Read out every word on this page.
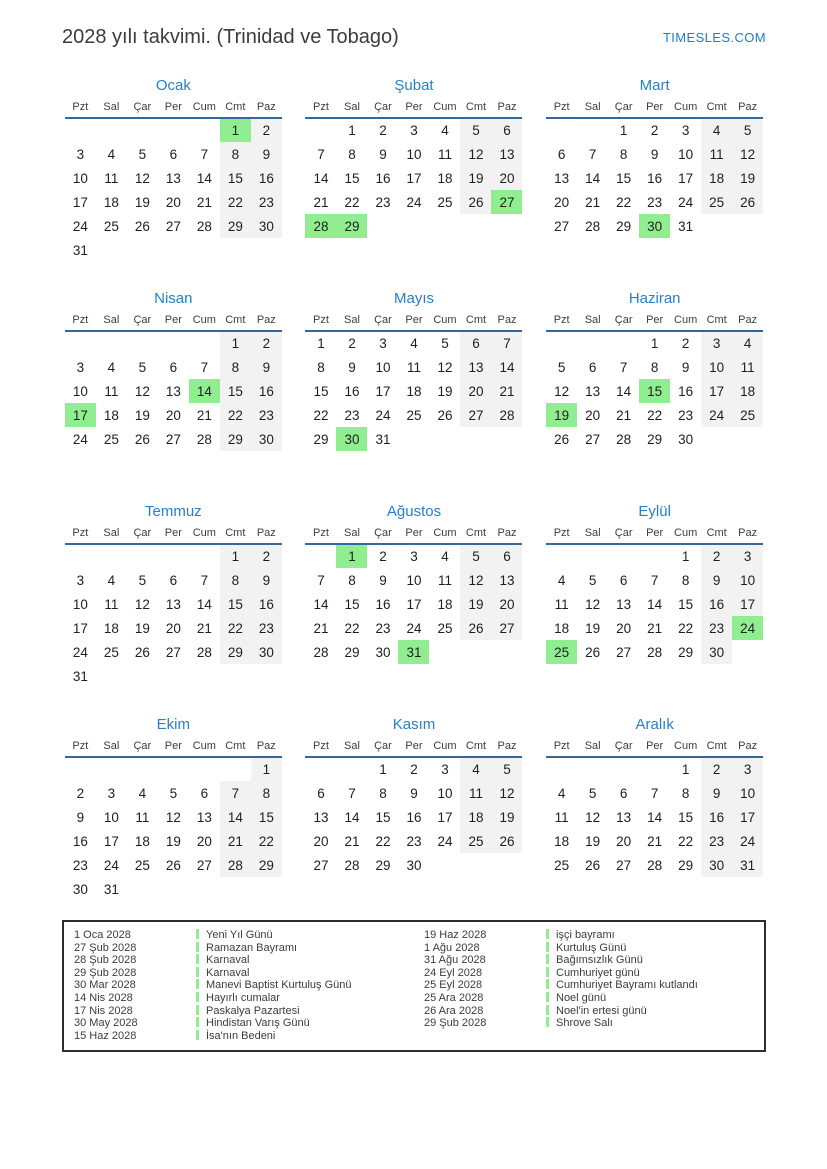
2028 yılı takvimi. (Trinidad ve Tobago)	TIMESLES.COM
Ocak
Pzt	Sal	Çar	Per	Cum	Cmt	Paz
					1	2
3	4	5	6	7	8	9
10	11	12	13	14	15	16
17	18	19	20	21	22	23
24	25	26	27	28	29	30
31						
Şubat
Pzt	Sal	Çar	Per	Cum	Cmt	Paz
	1	2	3	4	5	6
7	8	9	10	11	12	13
14	15	16	17	18	19	20
21	22	23	24	25	26	27
28	29					
Mart
Pzt	Sal	Çar	Per	Cum	Cmt	Paz
		1	2	3	4	5
6	7	8	9	10	11	12
13	14	15	16	17	18	19
20	21	22	23	24	25	26
27	28	29	30	31		
Nisan
Pzt	Sal	Çar	Per	Cum	Cmt	Paz
					1	2
3	4	5	6	7	8	9
10	11	12	13	14	15	16
17	18	19	20	21	22	23
24	25	26	27	28	29	30
Mayıs
Pzt	Sal	Çar	Per	Cum	Cmt	Paz
1	2	3	4	5	6	7
8	9	10	11	12	13	14
15	16	17	18	19	20	21
22	23	24	25	26	27	28
29	30	31				
Haziran
Pzt	Sal	Çar	Per	Cum	Cmt	Paz
			1	2	3	4
5	6	7	8	9	10	11
12	13	14	15	16	17	18
19	20	21	22	23	24	25
26	27	28	29	30		
Temmuz
Pzt	Sal	Çar	Per	Cum	Cmt	Paz
					1	2
3	4	5	6	7	8	9
10	11	12	13	14	15	16
17	18	19	20	21	22	23
24	25	26	27	28	29	30
31						
Ağustos
Pzt	Sal	Çar	Per	Cum	Cmt	Paz
	1	2	3	4	5	6
7	8	9	10	11	12	13
14	15	16	17	18	19	20
21	22	23	24	25	26	27
28	29	30	31			
Eylül
Pzt	Sal	Çar	Per	Cum	Cmt	Paz
				1	2	3
4	5	6	7	8	9	10
11	12	13	14	15	16	17
18	19	20	21	22	23	24
25	26	27	28	29	30	
Ekim
Pzt	Sal	Çar	Per	Cum	Cmt	Paz
						1
2	3	4	5	6	7	8
9	10	11	12	13	14	15
16	17	18	19	20	21	22
23	24	25	26	27	28	29
30	31					
Kasım
Pzt	Sal	Çar	Per	Cum	Cmt	Paz
		1	2	3	4	5
6	7	8	9	10	11	12
13	14	15	16	17	18	19
20	21	22	23	24	25	26
27	28	29	30			
Aralık
Pzt	Sal	Çar	Per	Cum	Cmt	Paz
				1	2	3
4	5	6	7	8	9	10
11	12	13	14	15	16	17
18	19	20	21	22	23	24
25	26	27	28	29	30	31
1 Oca 2028	Yeni Yıl Günü
27 Şub 2028	Ramazan Bayramı
28 Şub 2028	Karnaval
29 Şub 2028	Karnaval
30 Mar 2028	Manevi Baptist Kurtuluş Günü
14 Nis 2028	Hayırlı cumalar
17 Nis 2028	Paskalya Pazartesi
30 May 2028	Hindistan Varış Günü
15 Haz 2028	İsa'nın Bedeni
19 Haz 2028	işçi bayramı
1 Ağu 2028	Kurtuluş Günü
31 Ağu 2028	Bağımsızlık Günü
24 Eyl 2028	Cumhuriyet günü
25 Eyl 2028	Cumhuriyet Bayramı kutlandı
25 Ara 2028	Noel günü
26 Ara 2028	Noel'in ertesi günü
29 Şub 2028	Shrove Salı
